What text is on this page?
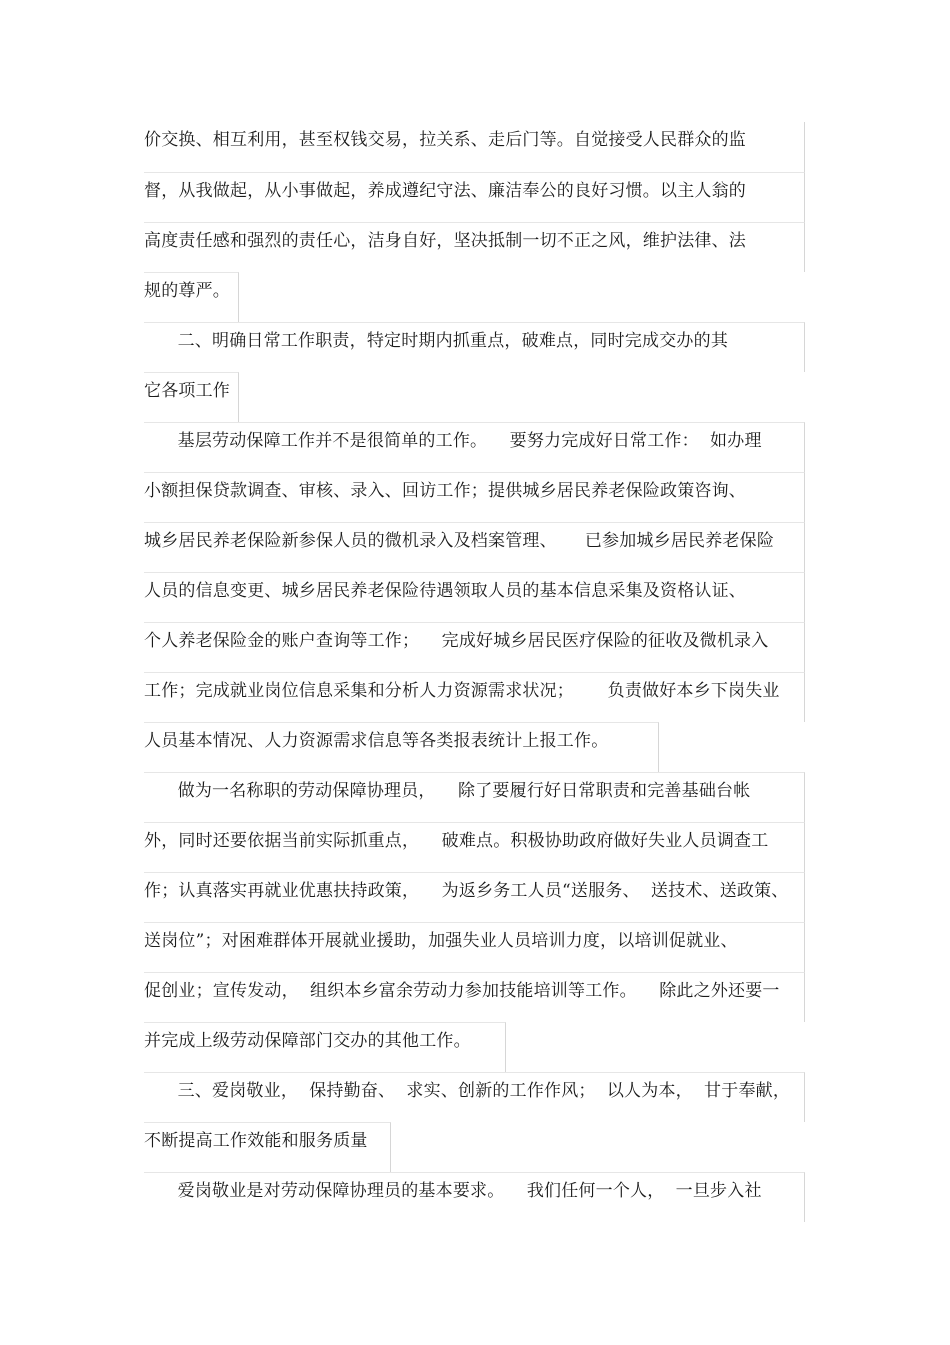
价交换、相互利用，甚至权钱交易，拉关系、走后门等。自觉接受人民群众的监
督，从我做起，从小事做起，养成遵纪守法、廉洁奉公的良好习惯。以主人翁的
高度责任感和强烈的责任心，洁身自好，坚决抵制一切不正之风，维护法律、法
规的尊严。
二、明确日常工作职责，特定时期内抓重点，破难点，同时完成交办的其
它各项工作
基层劳动保障工作并不是很简单的工作。    要努力完成好日常工作：  如办理
小额担保贷款调查、审核、录入、回访工作；提供城乡居民养老保险政策咨询、
城乡居民养老保险新参保人员的微机录入及档案管理、     已参加城乡居民养老保险
人员的信息变更、城乡居民养老保险待遇领取人员的基本信息采集及资格认证、
个人养老保险金的账户查询等工作；    完成好城乡居民医疗保险的征收及微机录入
工作；完成就业岗位信息采集和分析人力资源需求状况；      负责做好本乡下岗失业
人员基本情况、人力资源需求信息等各类报表统计上报工作。
做为一名称职的劳动保障协理员，    除了要履行好日常职责和完善基础台帐
外，同时还要依据当前实际抓重点，    破难点。积极协助政府做好失业人员调查工
作；认真落实再就业优惠扶持政策，    为返乡务工人员“送服务、  送技术、送政策、
送岗位”；对困难群体开展就业援助，加强失业人员培训力度，以培训促就业、
促创业；宣传发动，  组织本乡富余劳动力参加技能培训等工作。    除此之外还要一
并完成上级劳动保障部门交办的其他工作。
三、爱岗敬业，  保持勤奋、  求实、创新的工作作风；  以人为本，  甘于奉献，
不断提高工作效能和服务质量
爱岗敬业是对劳动保障协理员的基本要求。    我们任何一个人，  一旦步入社
